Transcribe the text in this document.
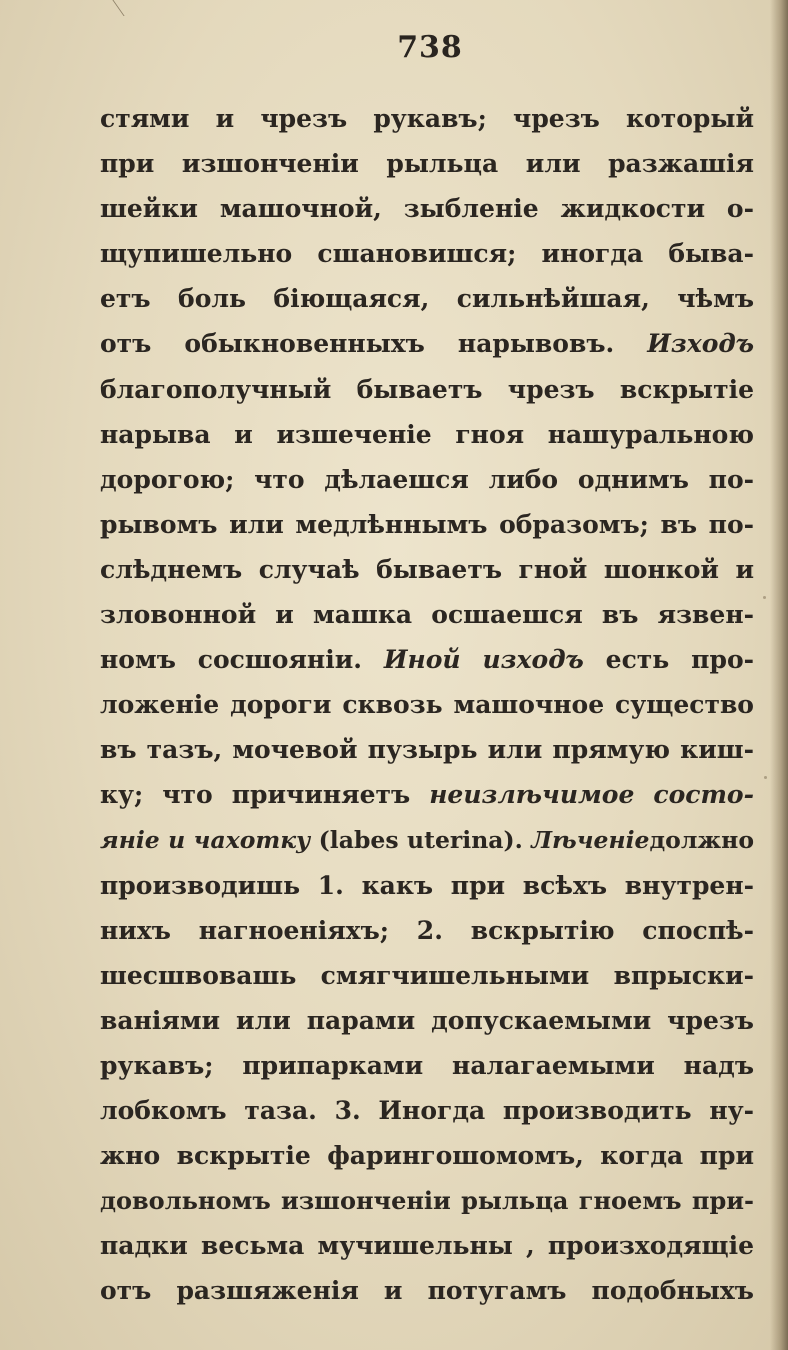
738
стями и чрезъ рукавъ; чрезъ который
при изшонченiи рыльца или разжашiя
шейки машочной, зыбленiе жидкости о-
щупишельно сшановишся; иногда быва-
етъ боль бiющаяся, сильнѣйшая, чѣмъ
отъ обыкновенныхъ нарывовъ. Изходъ
благополучный бываетъ чрезъ вскрытiе
нарыва и изшеченiе гноя нашуральною
дорогою; что дѣлаешся либо однимъ по-
рывомъ или медлѣннымъ образомъ; въ по-
слѣднемъ случаѣ бываетъ гной шонкой и
зловонной и машка осшаешся въ язвен-
номъ сосшоянiи. Иной изходъ есть про-
ложенiе дороги сквозь машочное существо
въ тазъ, мочевой пузырь или прямую киш-
ку; что причиняетъ неизлѣчимое состо-
янiе и чахотку (labes uterina). Лѣченiедолжно
производишь 1. какъ при всѣхъ внутрен-
нихъ нагноенiяхъ; 2. вскрытiю споспѣ-
шесшвовашь смягчишельными впрыски-
ванiями или парами допускаемыми чрезъ
рукавъ; припарками налагаемыми надъ
лобкомъ таза. 3. Иногда производить ну-
жно вскрытiе фарингошомомъ, когда при
довольномъ изшонченiи рыльца гноемъ при-
падки весьма мучишельны , произходящiе
отъ разшяженiя и потугамъ подобныхъ
